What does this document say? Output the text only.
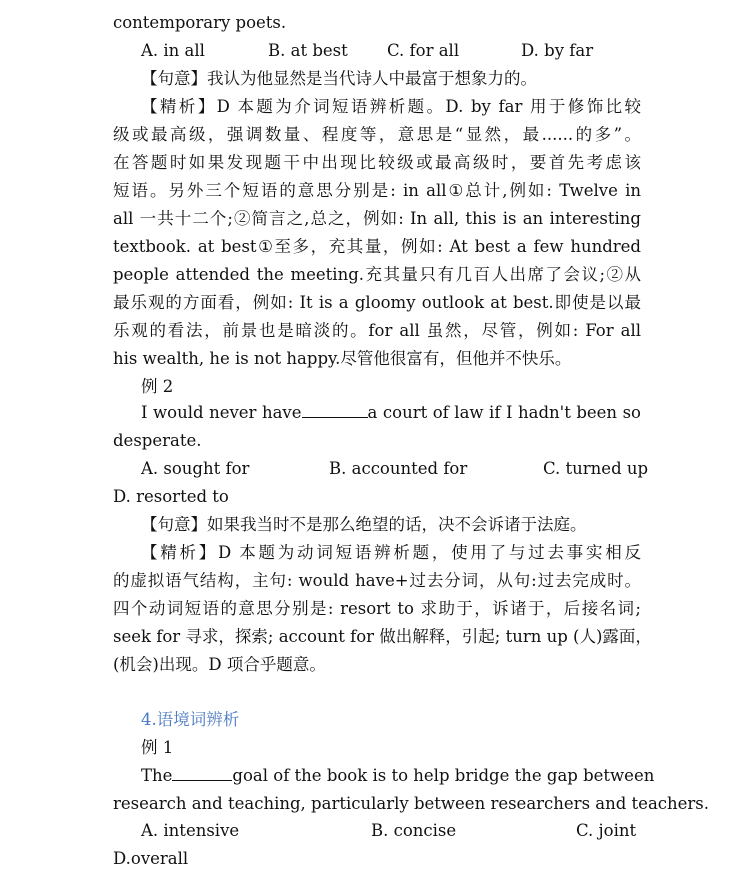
contemporary poets.
A. in all	B. at best C. for all	D. by far
【句意】我认为他显然是当代诗人中最富于想象力的。
【精析】D 本题为介词短语辨析题。D. by far 用于修饰比较
级或最高级，强调数量、程度等，意思是“显然，最......的多”。
在答题时如果发现题干中出现比较级或最高级时，要首先考虑该
短语。另外三个短语的意思分别是: in all①总计,例如: Twelve in
all 一共十二个;②简言之,总之，例如: In all, this is an interesting
textbook. at best①至多，充其量，例如: At best a few hundred
people attended the meeting.充其量只有几百人出席了会议;②从
最乐观的方面看，例如: It is a gloomy outlook at best.即使是以最
乐观的看法，前景也是暗淡的。for all 虽然，尽管，例如: For all
his wealth, he is not happy.尽管他很富有，但他并不快乐。
例 2
I would never have	a court of law if I hadn't been so
desperate.
A. sought for	B. accounted for	C. turned up
D. resorted to
【句意】如果我当时不是那么绝望的话，决不会诉诸于法庭。
【精析】D 本题为动词短语辨析题，使用了与过去事实相反
的虚拟语气结构，主句: would have+过去分词，从句:过去完成时。
四个动词短语的意思分别是: resort to 求助于，诉诸于，后接名词;
seek for 寻求，探索; account for 做出解释，引起; turn up (人)露面，
(机会)出现。D 项合乎题意。
4.语境词辨析
例 1
The	goal of the book is to help bridge the gap between
research and teaching, particularly between researchers and teachers.
A. intensive	B. concise	C. joint
D.overall
